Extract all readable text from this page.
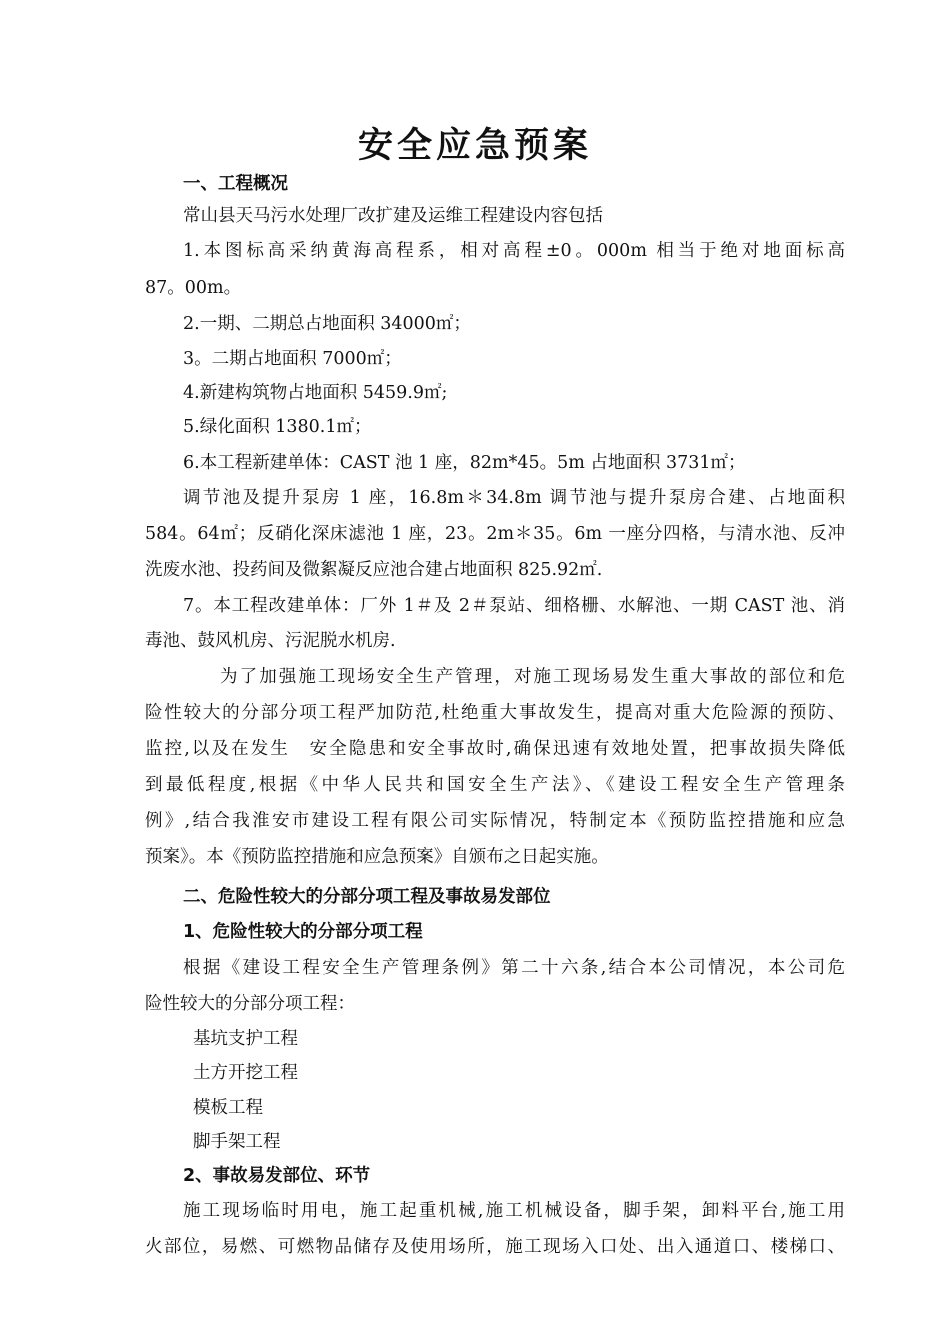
安全应急预案
一、工程概况
常山县天马污水处理厂改扩建及运维工程建设内容包括
1.本图标高采纳黄海高程系，相对高程±0。000m 相当于绝对地面标高
87。00m。
2.一期、二期总占地面积 34000㎡；
3。二期占地面积 7000㎡；
4.新建构筑物占地面积 5459.9㎡;
5.绿化面积 1380.1㎡；
6.本工程新建单体：CAST 池 1 座，82m*45。5m 占地面积 3731㎡；
调节池及提升泵房 1 座，16.8m＊34.8m 调节池与提升泵房合建、占地面积
584。64㎡；反硝化深床滤池 1 座，23。2m＊35。6m 一座分四格，与清水池、反冲
洗废水池、投药间及微絮凝反应池合建占地面积 825.92㎡.
7。本工程改建单体：厂外 1＃及 2＃泵站、细格栅、水解池、一期 CAST 池、消
毒池、鼓风机房、污泥脱水机房.
为了加强施工现场安全生产管理，对施工现场易发生重大事故的部位和危
险性较大的分部分项工程严加防范,杜绝重大事故发生，提高对重大危险源的预防、
监控,以及在发生　安全隐患和安全事故时,确保迅速有效地处置，把事故损失降低
到最低程度,根据《中华人民共和国安全生产法》、《建设工程安全生产管理条
例》,结合我淮安市建设工程有限公司实际情况，特制定本《预防监控措施和应急
预案》。本《预防监控措施和应急预案》自颁布之日起实施。
二、危险性较大的分部分项工程及事故易发部位
1、危险性较大的分部分项工程
根据《建设工程安全生产管理条例》第二十六条,结合本公司情况，本公司危
险性较大的分部分项工程：
基坑支护工程
土方开挖工程
模板工程
脚手架工程
2、事故易发部位、环节
施工现场临时用电，施工起重机械,施工机械设备，脚手架，卸料平台,施工用
火部位，易燃、可燃物品储存及使用场所，施工现场入口处、出入通道口、楼梯口、
